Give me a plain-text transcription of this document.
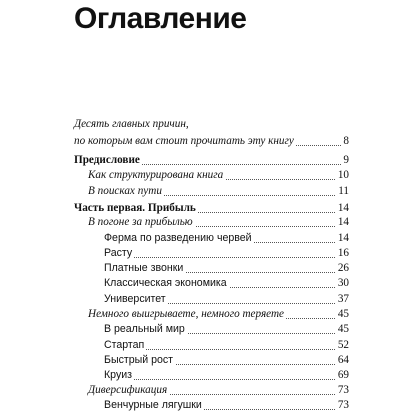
Оглавление
Десять главных причин,
по которым вам стоит прочитать эту книгу	8
Предисловие	9
Как структурирована книга	10
В поисках пути	11
Часть первая. Прибыль	14
В погоне за прибылью	14
Ферма по разведению червей	14
Расту	16
Платные звонки	26
Классическая экономика	30
Университет	37
Немного выигрываете, немного теряете	45
В реальный мир	45
Стартап	52
Быстрый рост	64
Круиз	69
Диверсификация	73
Венчурные лягушки	73
